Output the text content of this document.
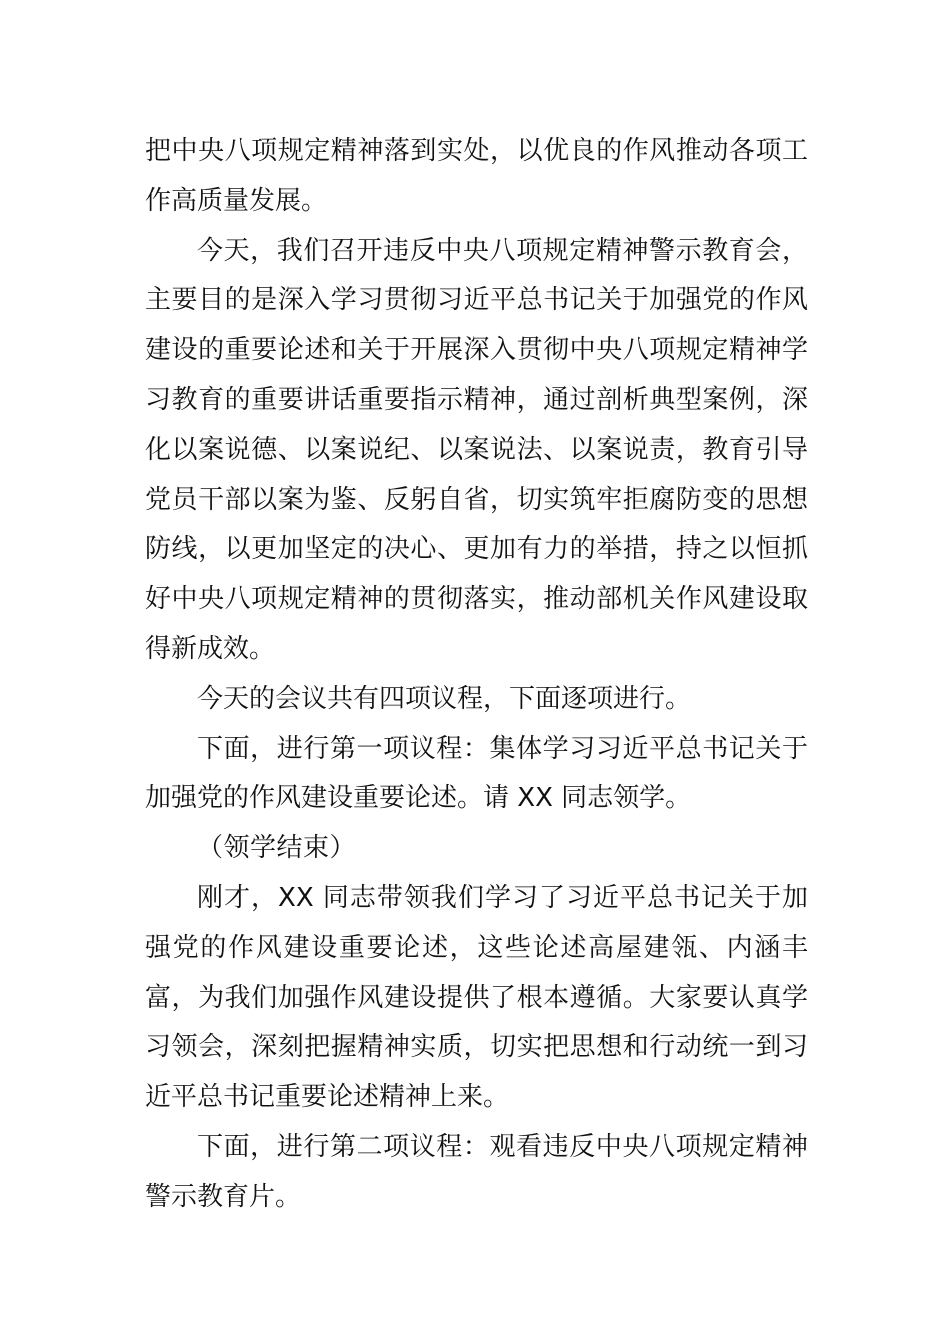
把中央八项规定精神落到实处，以优良的作风推动各项工作高质量发展。

今天，我们召开违反中央八项规定精神警示教育会，主要目的是深入学习贯彻习近平总书记关于加强党的作风建设的重要论述和关于开展深入贯彻中央八项规定精神学习教育的重要讲话重要指示精神，通过剖析典型案例，深化以案说德、以案说纪、以案说法、以案说责，教育引导党员干部以案为鉴、反躬自省，切实筑牢拒腐防变的思想防线，以更加坚定的决心、更加有力的举措，持之以恒抓好中央八项规定精神的贯彻落实，推动部机关作风建设取得新成效。

今天的会议共有四项议程，下面逐项进行。

下面，进行第一项议程：集体学习习近平总书记关于加强党的作风建设重要论述。请 XX 同志领学。

（领学结束）

刚才，XX 同志带领我们学习了习近平总书记关于加强党的作风建设重要论述，这些论述高屋建瓴、内涵丰富，为我们加强作风建设提供了根本遵循。大家要认真学习领会，深刻把握精神实质，切实把思想和行动统一到习近平总书记重要论述精神上来。

下面，进行第二项议程：观看违反中央八项规定精神警示教育片。
